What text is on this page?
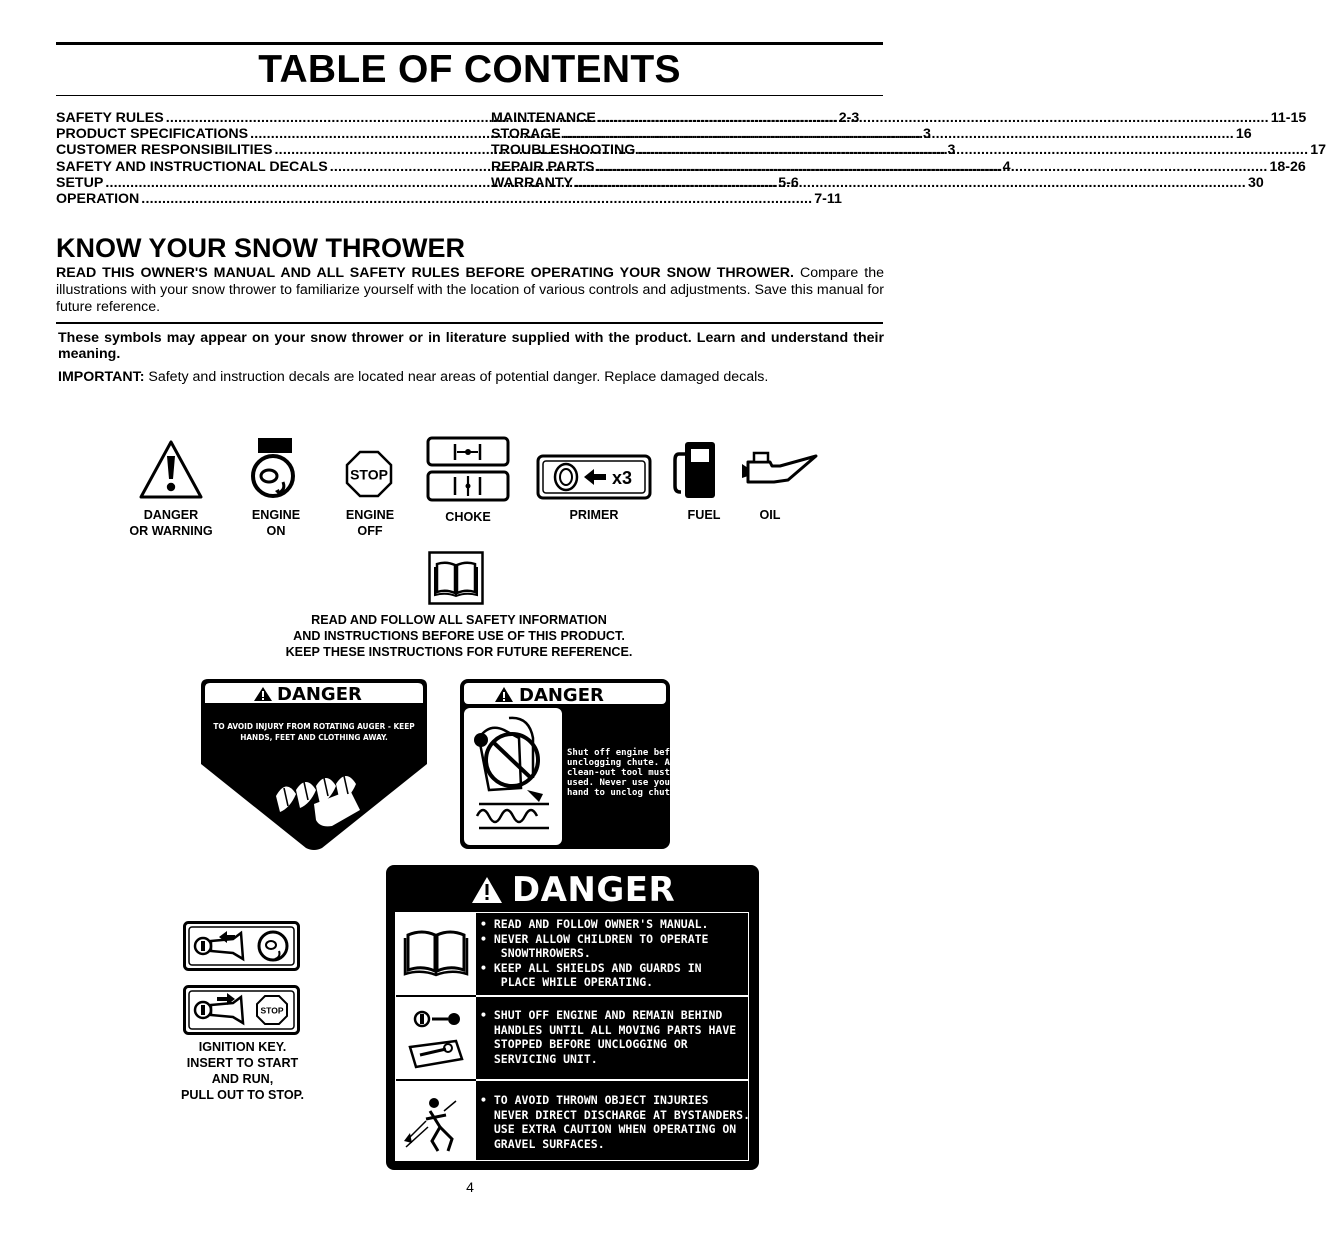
TABLE OF CONTENTS
SAFETY RULES .....	2-3
PRODUCT SPECIFICATIONS .....	3
CUSTOMER RESPONSIBILITIES .....	3
SAFETY AND INSTRUCTIONAL DECALS .....	4
SETUP .....	5-6
OPERATION .....	7-11
MAINTENANCE .....	11-15
STORAGE .....	16
TROUBLESHOOTING .....	17
REPAIR PARTS .....	18-26
WARRANTY .....	30
KNOW YOUR SNOW THROWER
READ THIS OWNER'S MANUAL AND ALL SAFETY RULES BEFORE OPERATING YOUR SNOW THROWER. Compare the illustrations with your snow thrower to familiarize yourself with the location of various controls and adjustments. Save this manual for future reference.
These symbols may appear on your snow thrower or in literature supplied with the product. Learn and understand their meaning.
IMPORTANT: Safety and instruction decals are located near areas of potential danger. Replace damaged decals.
DANGER
OR WARNING
ENGINE
ON
STOP
ENGINE
OFF
CHOKE
x3
PRIMER	FUEL	OIL
READ AND FOLLOW ALL SAFETY INFORMATION
AND INSTRUCTIONS BEFORE USE OF THIS PRODUCT.
KEEP THESE INSTRUCTIONS FOR FUTURE REFERENCE.
DANGER
TO AVOID INJURY FROM ROTATING AUGER - KEEP
HANDS, FEET AND CLOTHING AWAY.
DANGER
Shut off engine before
unclogging chute. A
clean-out tool must be
used. Never use your
hand to unclog chute.
STOP
IGNITION KEY.
INSERT TO START
AND RUN,
PULL OUT TO STOP.
DANGER
• READ AND FOLLOW OWNER'S MANUAL.
• NEVER ALLOW CHILDREN TO OPERATE
SNOWTHROWERS.
• KEEP ALL SHIELDS AND GUARDS IN
PLACE WHILE OPERATING.
• SHUT OFF ENGINE AND REMAIN BEHIND
HANDLES UNTIL ALL MOVING PARTS HAVE
STOPPED BEFORE UNCLOGGING OR
SERVICING UNIT.
• TO AVOID THROWN OBJECT INJURIES
NEVER DIRECT DISCHARGE AT BYSTANDERS.
USE EXTRA CAUTION WHEN OPERATING ON
GRAVEL SURFACES.
4
